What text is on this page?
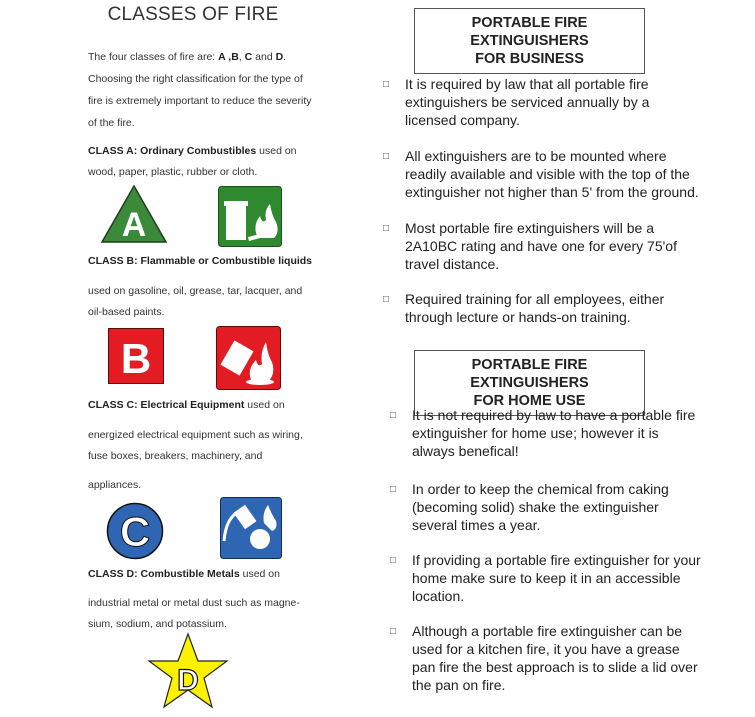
CLASSES OF FIRE
The four classes of fire are: A ,B, C and D.
Choosing the right classification for the type of
fire is extremely important to reduce the severity
of the fire.
CLASS A: Ordinary Combustibles used on
wood, paper, plastic, rubber or cloth.
A
CLASS B: Flammable or Combustible liquids
used on gasoline, oil, grease, tar, lacquer, and
oil-based paints.
B
CLASS C: Electrical Equipment used on
energized electrical equipment such as wiring,
fuse boxes, breakers, machinery, and
appliances.
C
CLASS D: Combustible Metals used on
industrial metal or metal dust such as magne-
sium, sodium, and potassium.
D
PORTABLE FIRE EXTINGUISHERS
FOR BUSINESS
□ It is required by law that all portable fire
extinguishers be serviced annually by a
licensed company.
□ All extinguishers are to be mounted where
readily available and visible with the top of the
extinguisher not higher than 5' from the ground.
□ Most portable fire extinguishers will be a
2A10BC rating and have one for every 75'of
travel distance.
□ Required training for all employees, either
through lecture or hands-on training.
PORTABLE FIRE EXTINGUISHERS
FOR HOME USE
□ It is not required by law to have a portable fire
extinguisher for home use; however it is
always benefical!
□ In order to keep the chemical from caking
(becoming solid) shake the extinguisher
several times a year.
□ If providing a portable fire extinguisher for your
home make sure to keep it in an accessible
location.
□ Although a portable fire extinguisher can be
used for a kitchen fire, it you have a grease
pan fire the best approach is to slide a lid over
the pan on fire.
